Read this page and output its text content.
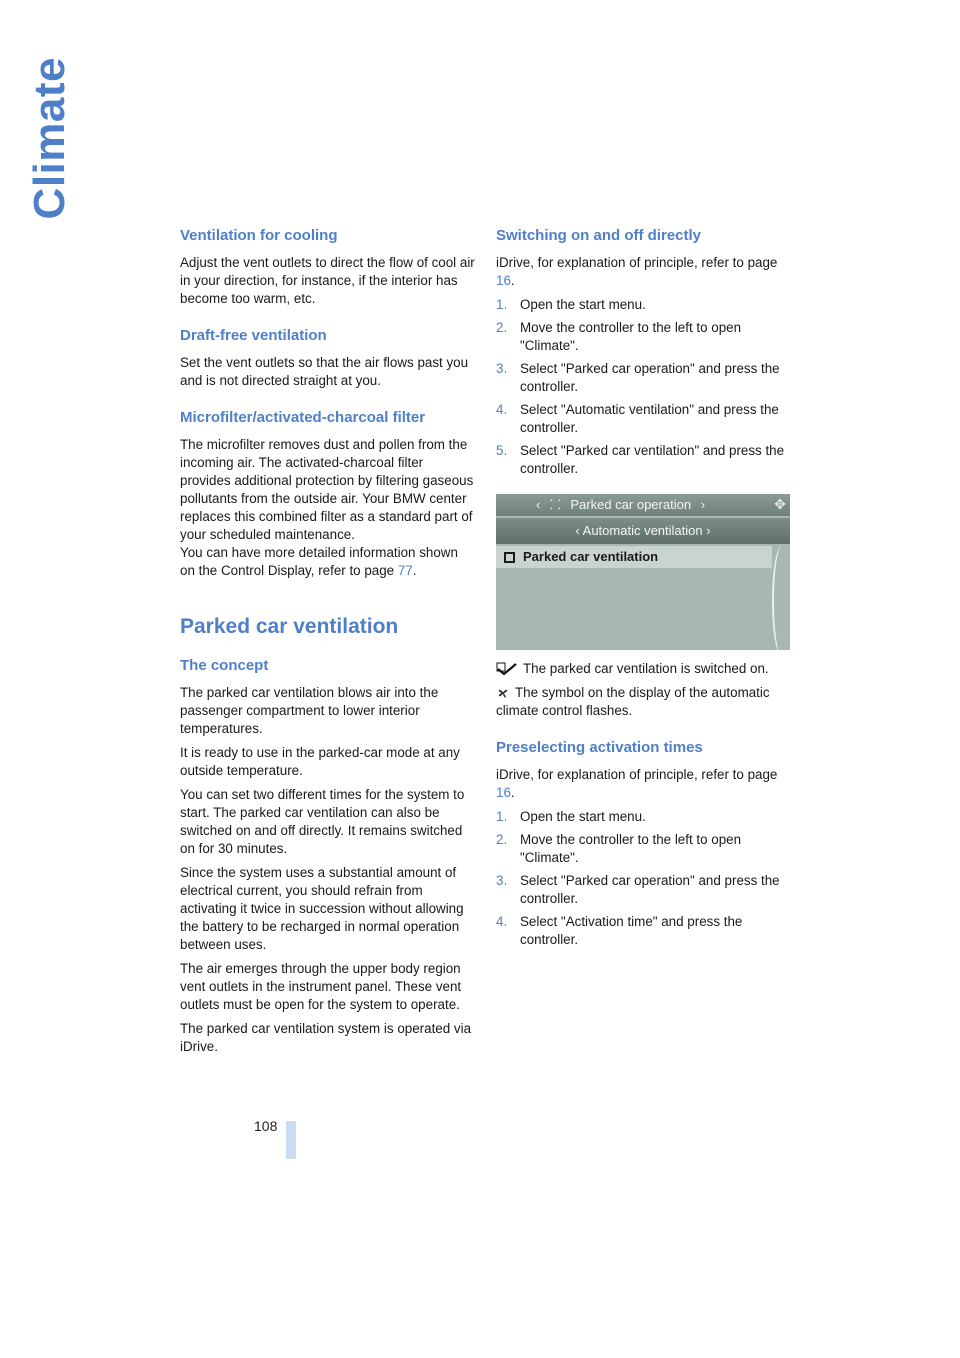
Climate
108
Ventilation for cooling

Adjust the vent outlets to direct the flow of cool air in your direction, for instance, if the interior has become too warm, etc.

Draft-free ventilation

Set the vent outlets so that the air flows past you and is not directed straight at you.

Microfilter/activated-charcoal filter

The microfilter removes dust and pollen from the incoming air. The activated-charcoal filter provides additional protection by filtering gaseous pollutants from the outside air. Your BMW center replaces this combined filter as a standard part of your scheduled maintenance.

You can have more detailed information shown on the Control Display, refer to page 77.

Parked car ventilation
The concept

The parked car ventilation blows air into the passenger compartment to lower interior temperatures.

It is ready to use in the parked-car mode at any outside temperature.

You can set two different times for the system to start. The parked car ventilation can also be switched on and off directly. It remains switched on for 30 minutes.

Since the system uses a substantial amount of electrical current, you should refrain from activating it twice in succession without allowing the battery to be recharged in normal operation between uses.

The air emerges through the upper body region vent outlets in the instrument panel. These vent outlets must be open for the system to operate.

The parked car ventilation system is operated via iDrive.

Switching on and off directly

iDrive, for explanation of principle, refer to page 16.

1. Open the start menu.
2. Move the controller to the left to open "Climate".
3. Select "Parked car operation" and press the controller.
4. Select "Automatic ventilation" and press the controller.
5. Select "Parked car ventilation" and press the controller.
‹ ⸬ Parked car operation ›	✥
‹ Automatic ventilation ›
Parked car ventilation

The parked car ventilation is switched on.

The symbol on the display of the automatic climate control flashes.

Preselecting activation times

iDrive, for explanation of principle, refer to page 16.

1. Open the start menu.
2. Move the controller to the left to open "Climate".
3. Select "Parked car operation" and press the controller.
4. Select "Activation time" and press the controller.
